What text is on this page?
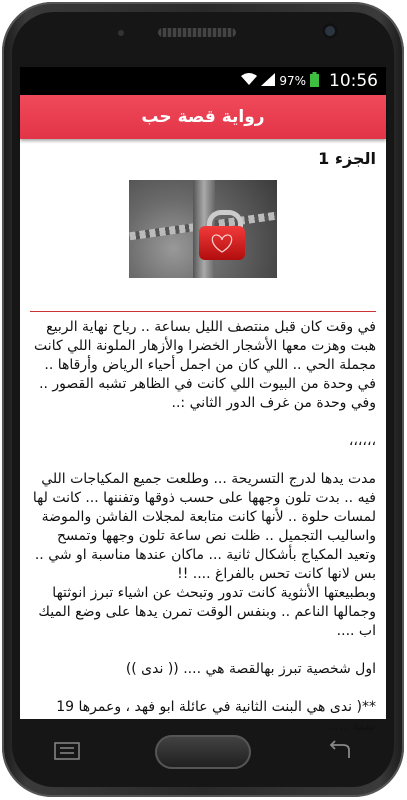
97% 10:56
رواية قصة حب
الجزء 1

في وقت كان قبل منتصف الليل بساعة .. رياح نهاية الربيع هبت وهزت معها الأشجار الخضرا والأزهار الملونة اللي كانت مجملة الحي .. اللي كان من اجمل أحياء الرياض وأرقاها ..
في وحدة من البيوت اللي كانت في الظاهر تشبه القصور .. وفي وحدة من غرف الدور الثاني :..

،،،،،،

مدت يدها لدرج التسريحة ... وطلعت جميع المكياجات اللي فيه .. بدت تلون وجهها على حسب ذوقها وتفننها ... كانت لها لمسات حلوة .. لأنها كانت متابعة لمجلات الفاشن والموضة واساليب التجميل .. ظلت نص ساعة تلون وجهها وتمسح وتعيد المكياج بأشكال ثانية ... ماكان عندها مناسبة او شي .. بس لانها كانت تحس بالفراغ .... !!
وبطبيعتها الأنثوية كانت تدور وتبحث عن اشياء تبرز انوثتها وجمالها الناعم .. وبنفس الوقت تمرن يدها على وضع الميك اب ....

اول شخصية تبرز بهالقصة هي .... (( ندى ))

**( ندى هي البنت الثانية في عائلة ابو فهد ، وعمرها 19 سنة .....
